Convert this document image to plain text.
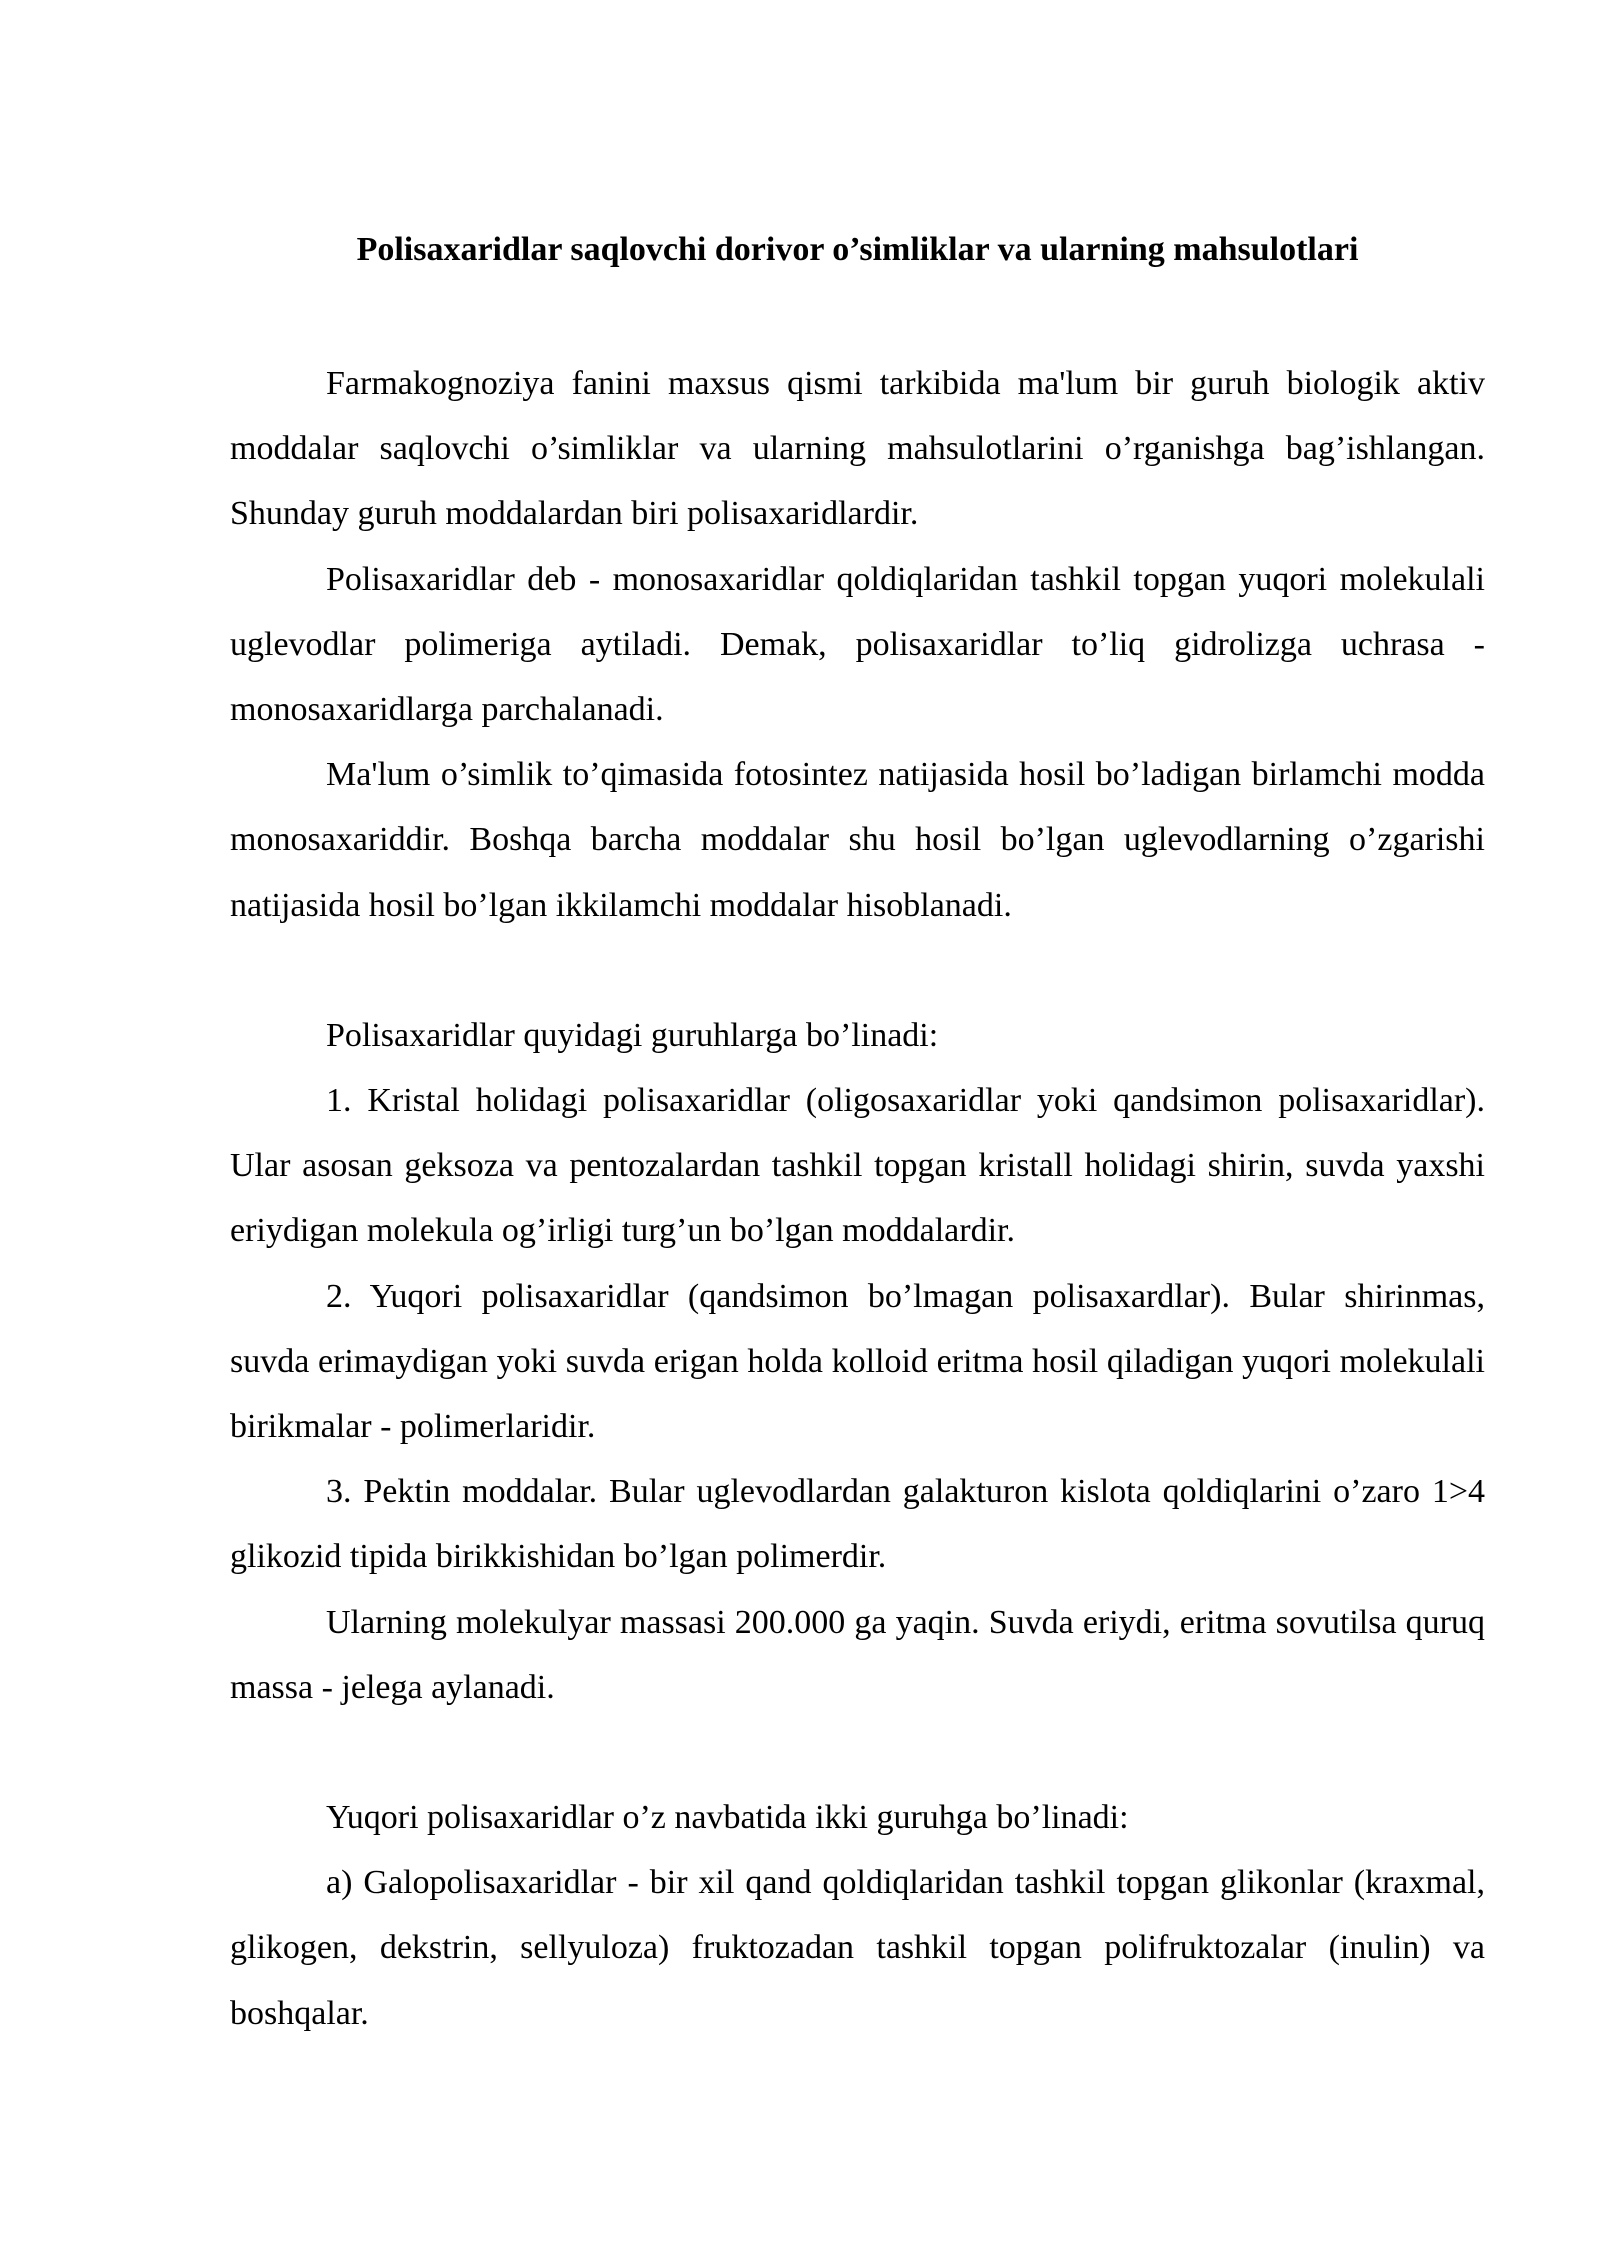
Polisaxaridlar saqlovchi dorivor o’simliklar va ularning mahsulotlari

Farmakognoziya fanini maxsus qismi tarkibida ma'lum bir guruh biologik aktiv moddalar saqlovchi o’simliklar va ularning mahsulotlarini o’rganishga bag’ishlangan. Shunday guruh moddalardan biri polisaxaridlardir.

Polisaxaridlar deb - monosaxaridlar qoldiqlaridan tashkil topgan yuqori molekulali uglevodlar polimeriga aytiladi. Demak, polisaxaridlar to’liq gidrolizga uchrasa - monosaxaridlarga parchalanadi.

Ma'lum o’simlik to’qimasida fotosintez natijasida hosil bo’ladigan birlamchi modda monosaxariddir. Boshqa barcha moddalar shu hosil bo’lgan uglevodlarning o’zgarishi natijasida hosil bo’lgan ikkilamchi moddalar hisoblanadi.

Polisaxaridlar quyidagi guruhlarga bo’linadi:

1. Kristal holidagi polisaxaridlar (oligosaxaridlar yoki qandsimon polisaxaridlar). Ular asosan geksoza va pentozalardan tashkil topgan kristall holidagi shirin, suvda yaxshi eriydigan molekula og’irligi turg’un bo’lgan moddalardir.

2. Yuqori polisaxaridlar (qandsimon bo’lmagan polisaxardlar). Bular shirinmas, suvda erimaydigan yoki suvda erigan holda kolloid eritma hosil qiladigan yuqori molekulali birikmalar - polimerlaridir.

3. Pektin moddalar. Bular uglevodlardan galakturon kislota qoldiqlarini o’zaro 1>4 glikozid tipida birikkishidan bo’lgan polimerdir.

Ularning molekulyar massasi 200.000 ga yaqin. Suvda eriydi, eritma sovutilsa quruq massa - jelega aylanadi.

Yuqori polisaxaridlar o’z navbatida ikki guruhga bo’linadi:

a) Galopolisaxaridlar - bir xil qand qoldiqlaridan tashkil topgan glikonlar (kraxmal, glikogen, dekstrin, sellyuloza) fruktozadan tashkil topgan polifruktozalar (inulin) va boshqalar.
